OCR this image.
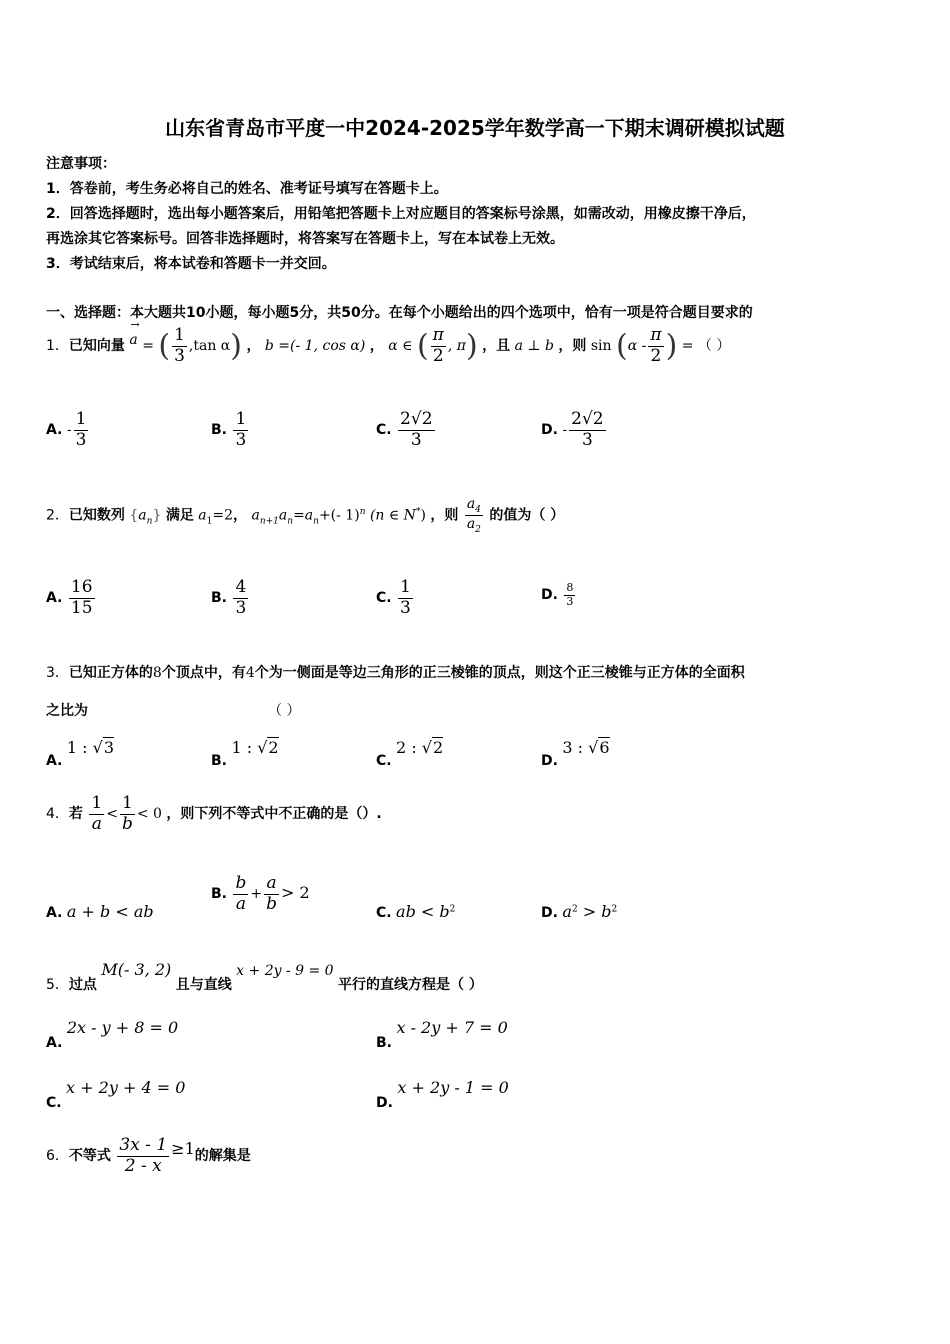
山东省青岛市平度一中2024-2025学年数学高一下期末调研模拟试题
注意事项：
1．答卷前，考生务必将自己的姓名、准考证号填写在答题卡上。
2．回答选择题时，选出每小题答案后，用铅笔把答题卡上对应题目的答案标号涂黑，如需改动，用橡皮擦干净后，
再选涂其它答案标号。回答非选择题时，将答案写在答题卡上，写在本试卷上无效。
3．考试结束后，将本试卷和答题卡一并交回。
一、选择题：本大题共10小题，每小题5分，共50分。在每个小题给出的四个选项中，恰有一项是符合题目要求的
1．已知向量
→
a = ( $\frac{1}{3} ,\tan$ α) ， b =(- 1, cos α) ， α ∈ ( $\frac{\pi}{2}$ , π) ，且 a ⊥ b ，则 $\sin (\alpha - \frac{\pi}{2}$ ) = （ ）
A. - $\frac{1}{3}$	B. $\frac{1}{3}$	C. $\frac{2√2}{3}$	D. - $\frac{2√2}{3}$
2．已知数列 $\{a_n\}$ 满足 $a_1=2$， $a_{n+1}a_n=a_n+(-$ 1)$^n$ (n ∈ N*) ，则 $\frac{a_4}{a_2}$ 的值为（ ）
A. $\frac{16}{15}$	B. $\frac{4}{3}$	C. $\frac{1}{3}$	D. $\frac{8}{3}$
3．已知正方体的8个顶点中，有4个为一侧面是等边三角形的正三棱锥的顶点，则这个正三棱锥与正方体的全面积
之比为	（ ）
A. 1 : √3
B. 1 : √2
C. 2 : √2
D. 3 : √6
4．若 $\frac{1}{a} < \frac{1}{b} < 0$ ，则下列不等式中不正确的是（）.
A. a + b < ab
B. $\frac{b}{a} + \frac{a}{b} > 2$
C. ab < $b^2$	D. $a^2 > b^2$
5．过点 M(- 3, 2) 且与直线 x + 2y - 9 = 0 平行的直线方程是（ ）
A. 2x - y + 8 = 0
B. x - 2y + 7 = 0
C. x + 2y + 4 = 0
D. x + 2y - 1 = 0
6．不等式 $\frac{3x - 1}{2 - x} \ge 1$的解集是
